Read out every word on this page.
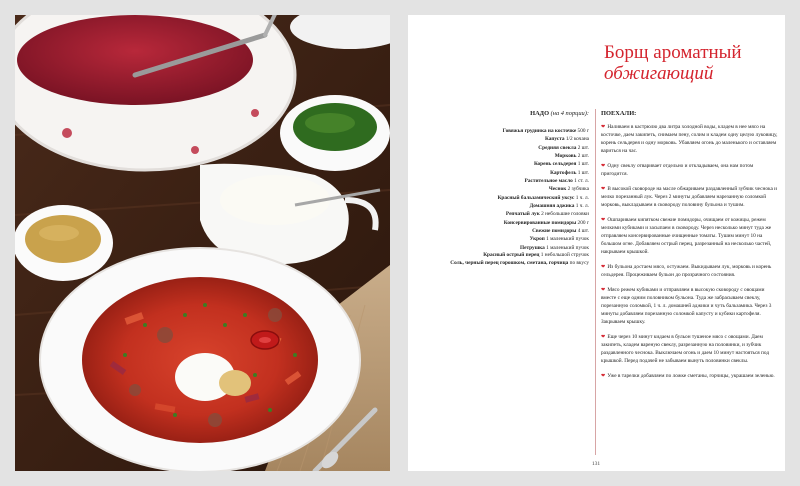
Борщ ароматный
обжигающий
НАДО (на 4 порции):
Говяжья грудинка на косточке 500 г
Капуста 1/2 кочана
Средняя свекла 2 шт.
Морковь 2 шт.
Корень сельдерея 1 шт.
Картофель 1 шт.
Растительное масло 1 ст. л.
Чеснок 2 зубчика
Красный бальзамический уксус 1 ч. л.
Домашняя аджика 1 ч. л.
Репчатый лук 2 небольшие головки
Консервированные помидоры 200 г
Свежие помидоры 4 шт.
Укроп 1 маленький пучок
Петрушка 1 маленький пучок
Красный острый перец 1 небольшой стручок
Соль, черный перец горошком, сметана, горчица по вкусу
ПОЕХАЛИ:
❤ Наливаем в кастрюлю два литра холодной воды, кладем в нее мясо на косточке, даем закипеть, снимаем пену, солим и кладем одну целую луковицу, корень сельдерея и одну морковь. Убавляем огонь до маленького и оставляем вариться на час.
❤ Одну свеклу отваривает отдельно и откладываем, она нам потом пригодится.
❤ В высокой сковороде на масле обжариваем раздавленный зубчик чеснока и мелко порезанный лук. Через 2 минуты добавляем нарезанную соломкой морковь, выкладываем в сковороду половину бульона и тушим.
❤ Ошпариваем кипятком свежие помидоры, очищаем от кожицы, режем мелкими кубиками и засыпаем в сковороду. Через несколько минут туда же отправляем консервированные очищенные томаты. Тушим минут 10 на большом огне. Добавляем острый перец, разрезанный на несколько частей, накрываем крышкой.
❤ Из бульона достаем мясо, остужаем. Выкидываем лук, морковь и корень сельдерея. Процеживаем бульон до прозрачного состояния.
❤ Мясо режем кубиками и отправляем в высокую сковороду с овощами вместе с еще одним половником бульона. Туда же забрасываем свеклу, порезанную соломкой, 1 ч. л. домашней аджики и чуть бальзамика. Через 3 минуты добавляем порезанную соломкой капусту и кубики картофеля. Закрываем крышку.
❤ Еще через 10 минут кидаем в бульон тушеное мясо с овощами. Даем закипеть, кладем вареную свеклу, разрезанную на половинки, и зубчик раздавленного чеснока. Выключаем огонь и даем 10 минут настояться под крышкой. Перед подачей не забываем вынуть половинки свеклы.
❤ Уже в тарелки добавляем по ложке сметаны, горчицы, украшаем зеленью.
131
